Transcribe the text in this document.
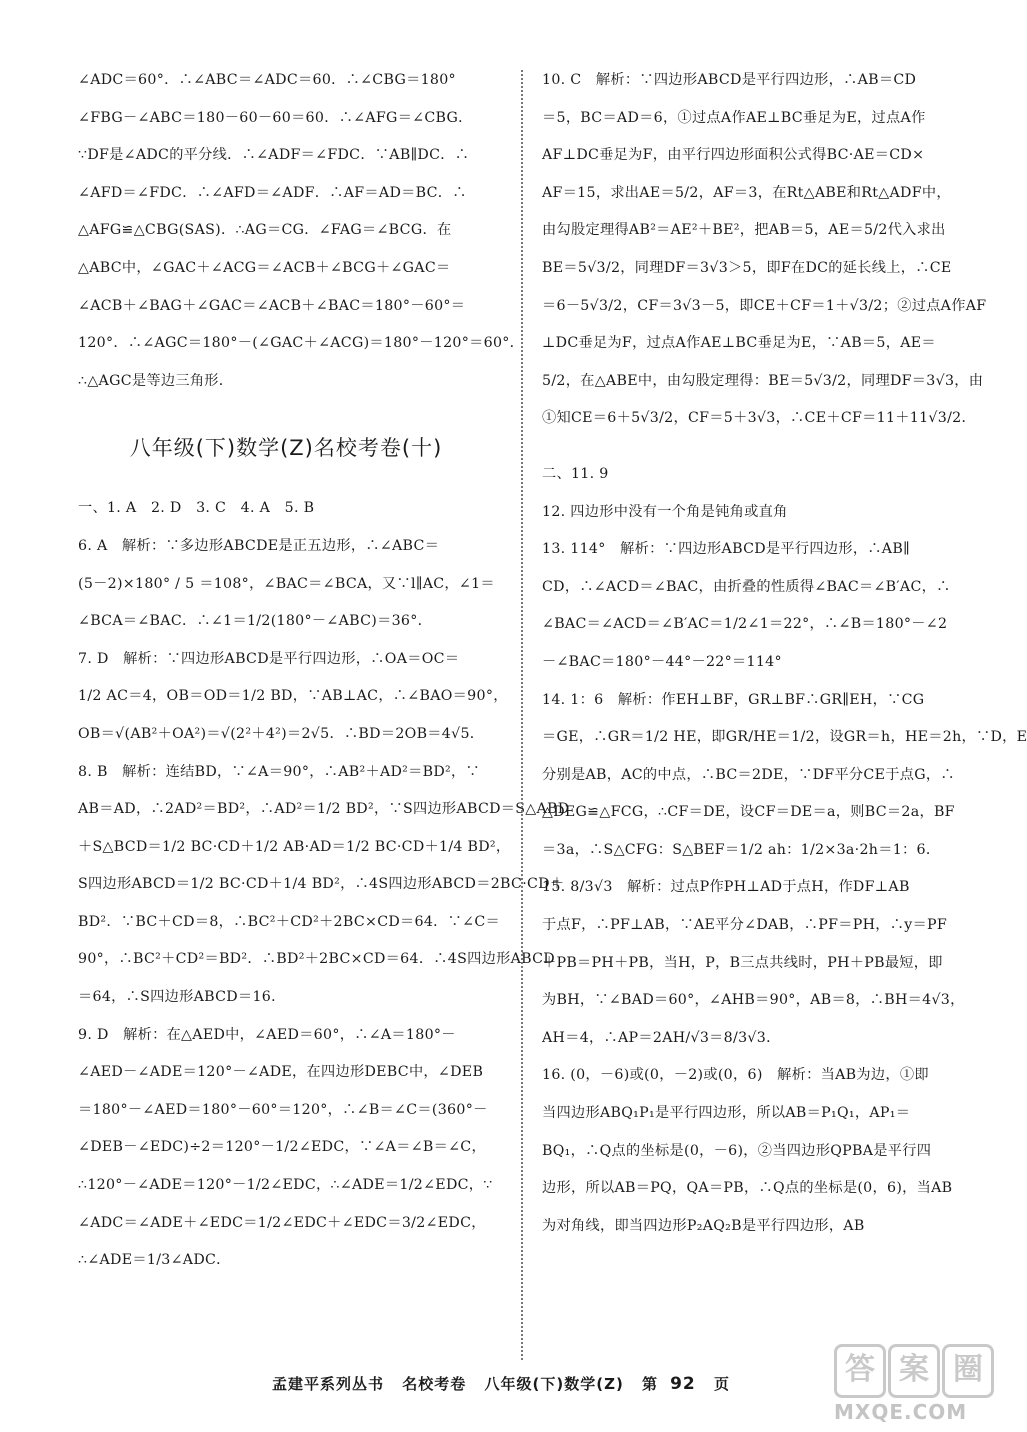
∠ADC＝60°．∴∠ABC＝∠ADC＝60．∴∠CBG＝180°

∠FBG－∠ABC＝180－60－60＝60．∴∠AFG＝∠CBG．

∵DF是∠ADC的平分线．∴∠ADF＝∠FDC．∵AB∥DC．∴

∠AFD＝∠FDC．∴∠AFD＝∠ADF．∴AF＝AD＝BC．∴

△AFG≌△CBG(SAS)．∴AG＝CG．∠FAG＝∠BCG．在

△ABC中，∠GAC＋∠ACG＝∠ACB＋∠BCG＋∠GAC＝

∠ACB＋∠BAG＋∠GAC＝∠ACB＋∠BAC＝180°－60°＝

120°．∴∠AGC＝180°－(∠GAC＋∠ACG)＝180°－120°＝60°．

∴△AGC是等边三角形．

八年级(下)数学(Z)名校考卷(十)

一、1. A　2. D　3. C　4. A　5. B

6. A　解析：∵多边形ABCDE是正五边形，∴∠ABC＝

(5－2)×180° / 5 ＝108°，∠BAC＝∠BCA，又∵l∥AC，∠1＝

∠BCA＝∠BAC．∴∠1＝1/2(180°－∠ABC)＝36°．

7. D　解析：∵四边形ABCD是平行四边形，∴OA＝OC＝

1/2 AC＝4，OB＝OD＝1/2 BD，∵AB⊥AC，∴∠BAO＝90°，

OB＝√(AB²＋OA²)＝√(2²＋4²)＝2√5．∴BD＝2OB＝4√5．

8. B　解析：连结BD，∵∠A＝90°，∴AB²＋AD²＝BD²，∵

AB＝AD，∴2AD²＝BD²，∴AD²＝1/2 BD²，∵S四边形ABCD＝S△ABD

＋S△BCD＝1/2 BC·CD＋1/2 AB·AD＝1/2 BC·CD＋1/4 BD²，

S四边形ABCD＝1/2 BC·CD＋1/4 BD²，∴4S四边形ABCD＝2BC·CD＋

BD²．∵BC＋CD＝8，∴BC²＋CD²＋2BC×CD＝64．∵∠C＝

90°，∴BC²＋CD²＝BD²．∴BD²＋2BC×CD＝64．∴4S四边形ABCD

＝64，∴S四边形ABCD＝16．

9. D　解析：在△AED中，∠AED＝60°，∴∠A＝180°－

∠AED－∠ADE＝120°－∠ADE，在四边形DEBC中，∠DEB

＝180°－∠AED＝180°－60°＝120°，∴∠B＝∠C＝(360°－

∠DEB－∠EDC)÷2＝120°－1/2∠EDC，∵∠A＝∠B＝∠C，

∴120°－∠ADE＝120°－1/2∠EDC，∴∠ADE＝1/2∠EDC，∵

∠ADC＝∠ADE＋∠EDC＝1/2∠EDC＋∠EDC＝3/2∠EDC，

∴∠ADE＝1/3∠ADC．

10. C　解析：∵四边形ABCD是平行四边形，∴AB＝CD

＝5，BC＝AD＝6，①过点A作AE⊥BC垂足为E，过点A作

AF⊥DC垂足为F，由平行四边形面积公式得BC·AE＝CD×

AF＝15，求出AE＝5/2，AF＝3，在Rt△ABE和Rt△ADF中，

由勾股定理得AB²＝AE²＋BE²，把AB＝5，AE＝5/2代入求出

BE＝5√3/2，同理DF＝3√3＞5，即F在DC的延长线上，∴CE

＝6－5√3/2，CF＝3√3－5，即CE＋CF＝1＋√3/2；②过点A作AF

⊥DC垂足为F，过点A作AE⊥BC垂足为E，∵AB＝5，AE＝

5/2，在△ABE中，由勾股定理得：BE＝5√3/2，同理DF＝3√3，由

①知CE＝6＋5√3/2，CF＝5＋3√3，∴CE＋CF＝11＋11√3/2．

二、11. 9

12. 四边形中没有一个角是钝角或直角

13. 114°　解析：∵四边形ABCD是平行四边形，∴AB∥

CD，∴∠ACD＝∠BAC，由折叠的性质得∠BAC＝∠B′AC，∴

∠BAC＝∠ACD＝∠B′AC＝1/2∠1＝22°，∴∠B＝180°－∠2

－∠BAC＝180°－44°－22°＝114°

14. 1：6　解析：作EH⊥BF，GR⊥BF∴GR∥EH，∵CG

＝GE，∴GR＝1/2 HE，即GR/HE＝1/2，设GR＝h，HE＝2h，∵D，E

分别是AB，AC的中点，∴BC＝2DE，∵DF平分CE于点G，∴

△DEG≌△FCG，∴CF＝DE，设CF＝DE＝a，则BC＝2a，BF

＝3a，∴S△CFG：S△BEF＝1/2 ah：1/2×3a·2h＝1：6．

15. 8/3√3　解析：过点P作PH⊥AD于点H，作DF⊥AB

于点F，∴PF⊥AB，∵AE平分∠DAB，∴PF＝PH，∴y＝PF

＋PB＝PH＋PB，当H，P，B三点共线时，PH＋PB最短，即

为BH，∵∠BAD＝60°，∠AHB＝90°，AB＝8，∴BH＝4√3，

AH＝4，∴AP＝2AH/√3＝8/3√3．

16. (0，－6)或(0，－2)或(0，6)　解析：当AB为边，①即

当四边形ABQ₁P₁是平行四边形，所以AB＝P₁Q₁，AP₁＝

BQ₁，∴Q点的坐标是(0，－6)，②当四边形QPBA是平行四

边形，所以AB＝PQ，QA＝PB，∴Q点的坐标是(0，6)，当AB

为对角线，即当四边形P₂AQ₂B是平行四边形，AB

孟建平系列丛书 名校考卷 八年级(下)数学(Z) 第 92 页	答 案 圈
MXQE.COM
